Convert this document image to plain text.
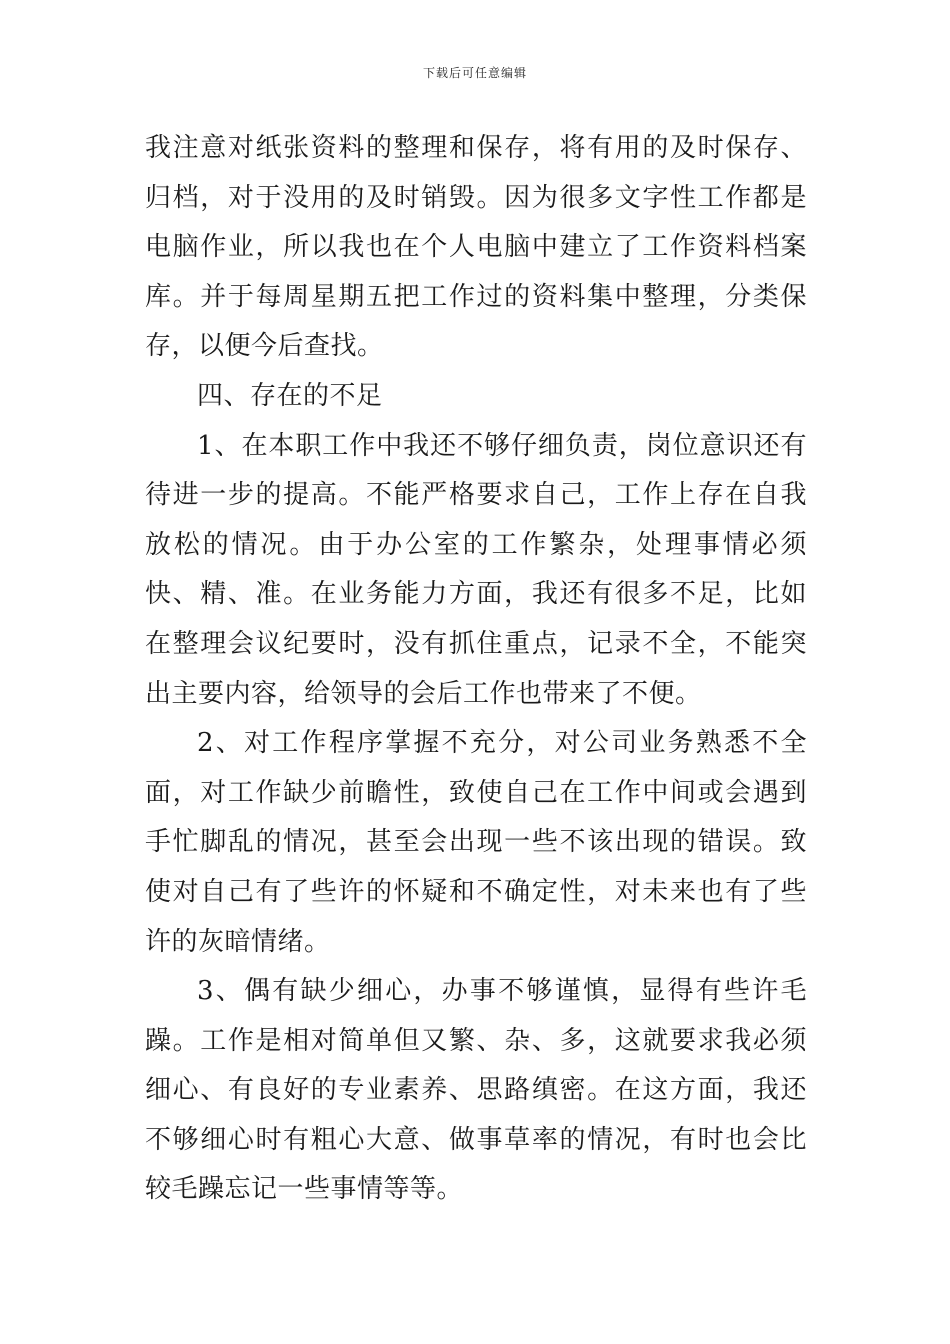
下载后可任意编辑

我注意对纸张资料的整理和保存，将有用的及时保存、归档，对于没用的及时销毁。因为很多文字性工作都是电脑作业，所以我也在个人电脑中建立了工作资料档案库。并于每周星期五把工作过的资料集中整理，分类保存，以便今后查找。

四、存在的不足

1、在本职工作中我还不够仔细负责，岗位意识还有待进一步的提高。不能严格要求自己，工作上存在自我放松的情况。由于办公室的工作繁杂，处理事情必须快、精、准。在业务能力方面，我还有很多不足，比如在整理会议纪要时，没有抓住重点，记录不全，不能突出主要内容，给领导的会后工作也带来了不便。

2、对工作程序掌握不充分，对公司业务熟悉不全面，对工作缺少前瞻性，致使自己在工作中间或会遇到手忙脚乱的情况，甚至会出现一些不该出现的错误。致使对自己有了些许的怀疑和不确定性，对未来也有了些许的灰暗情绪。

3、偶有缺少细心，办事不够谨慎，显得有些许毛躁。工作是相对简单但又繁、杂、多，这就要求我必须细心、有良好的专业素养、思路缜密。在这方面，我还不够细心时有粗心大意、做事草率的情况，有时也会比较毛躁忘记一些事情等等。
